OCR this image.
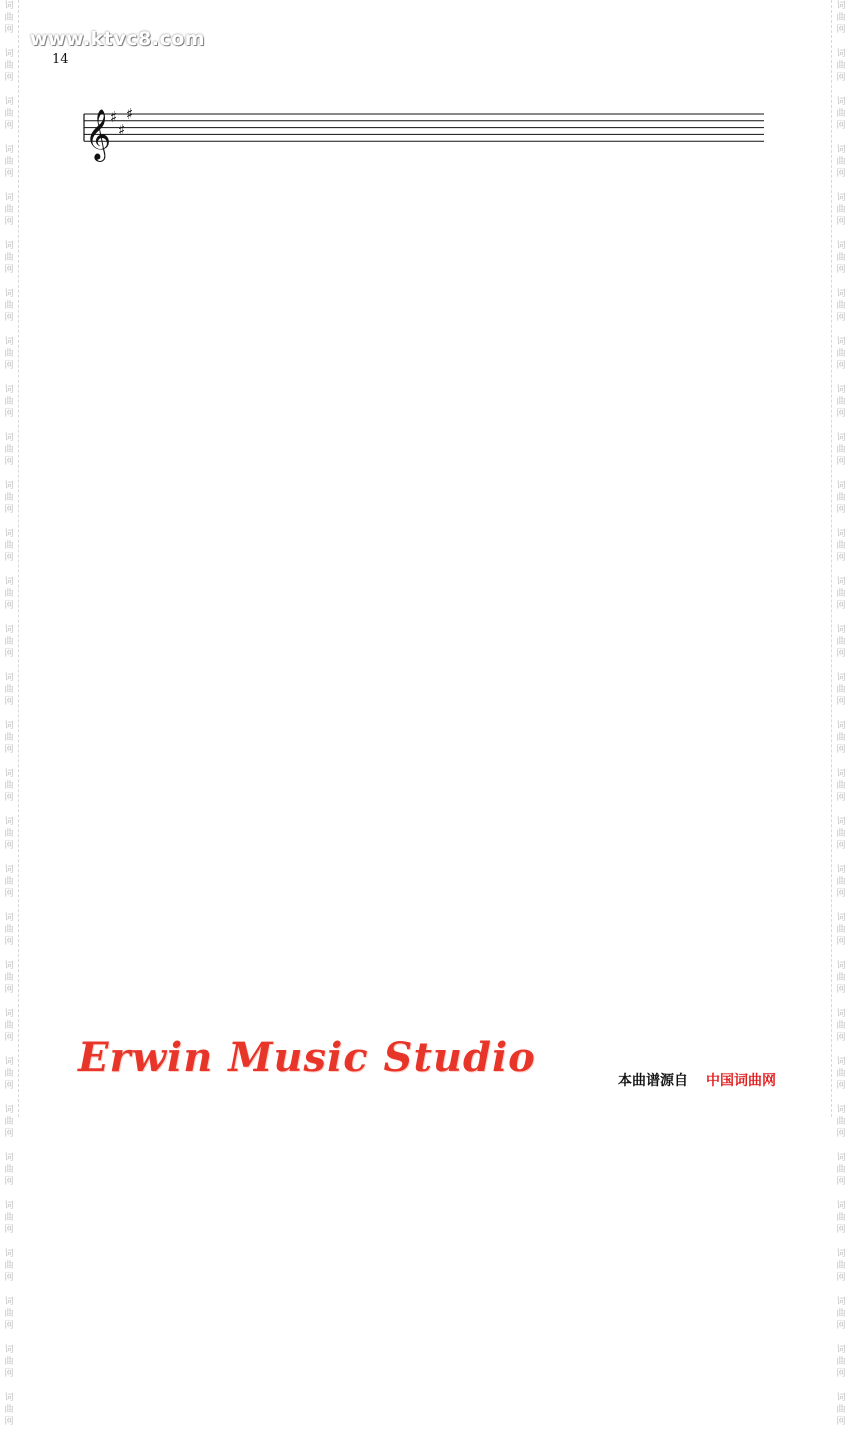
词
曲
网

词
曲
网

词
曲
网

词
曲
网

词
曲
网

词
曲
网

词
曲
网

词
曲
网

词
曲
网

词
曲
网

词
曲
网

词
曲
网

词
曲
网

词
曲
网

词
曲
网

词
曲
网

词
曲
网

词
曲
网

词
曲
网

词
曲
网

词
曲
网

词
曲
网

词
曲
网

词
曲
网

词
曲
网

词
曲
网

词
曲
网

词
曲
网

词
曲
网

词
曲
网

词
曲
网

词
曲
网

词
曲
网

词
曲
网

词
曲
网

词
曲
网

词
曲
网

词
曲
网

词
曲
网

词
曲
网

词
曲
网

词
曲
网

词
曲
网

词
曲
网

词
曲
网

词
曲
网

词
曲
网

词
曲
网

词
曲
网

词
曲
网

词
曲
网

词
曲
网

词
曲
网

词
曲
网

词
曲
网

词
曲
网

词
曲
网

词
曲
网

词
曲
网

词
曲
网

www.ktvc8.com
14
𝄞
♯
♯
♯
Erwin Music Studio	本曲谱源自 中国词曲网
